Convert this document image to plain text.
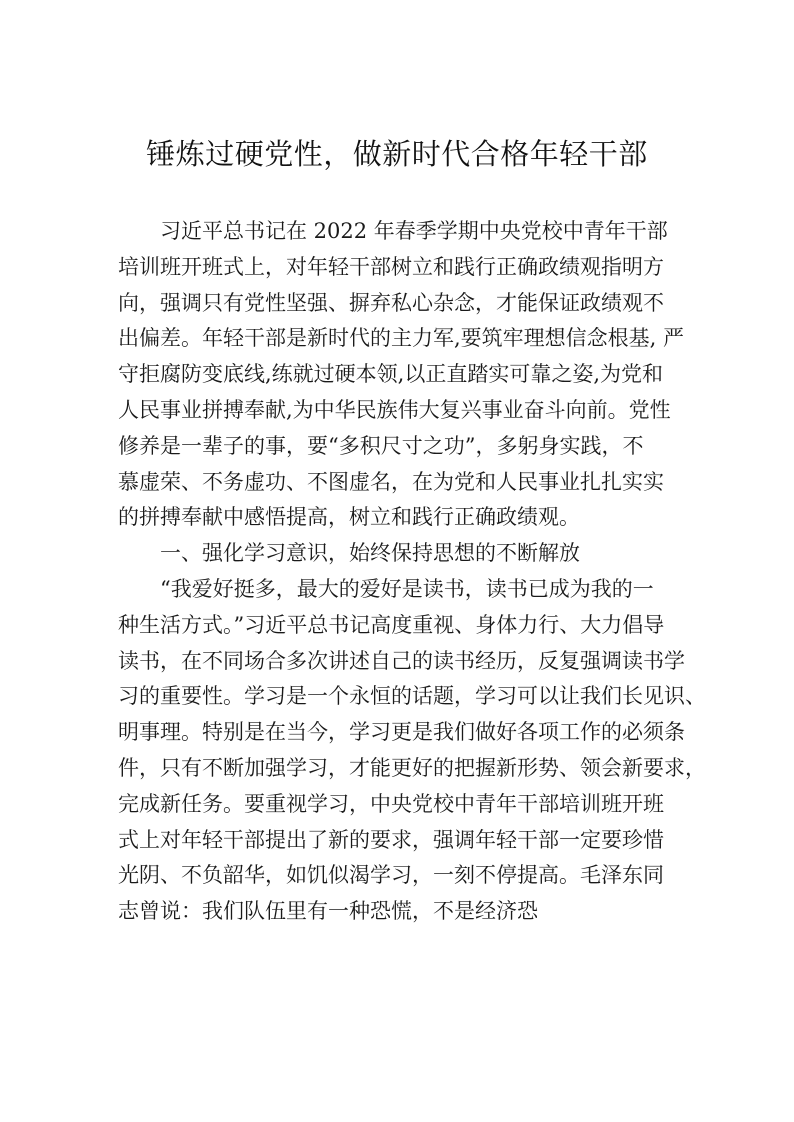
锤炼过硬党性，做新时代合格年轻干部
习近平总书记在 2022 年春季学期中央党校中青年干部
培训班开班式上，对年轻干部树立和践行正确政绩观指明方
向，强调只有党性坚强、摒弃私心杂念，才能保证政绩观不
出偏差。年轻干部是新时代的主力军,要筑牢理想信念根基, 严
守拒腐防变底线,练就过硬本领,以正直踏实可靠之姿,为党和
人民事业拼搏奉献,为中华民族伟大复兴事业奋斗向前。党性
修养是一辈子的事，要“多积尺寸之功”，多躬身实践，不
慕虚荣、不务虚功、不图虚名，在为党和人民事业扎扎实实
的拼搏奉献中感悟提高，树立和践行正确政绩观。
一、强化学习意识，始终保持思想的不断解放
“我爱好挺多，最大的爱好是读书，读书已成为我的一
种生活方式。”习近平总书记高度重视、身体力行、大力倡导
读书，在不同场合多次讲述自己的读书经历，反复强调读书学
习的重要性。学习是一个永恒的话题，学习可以让我们长见识、
明事理。特别是在当今，学习更是我们做好各项工作的必须条
件，只有不断加强学习，才能更好的把握新形势、领会新要求，
完成新任务。要重视学习，中央党校中青年干部培训班开班
式上对年轻干部提出了新的要求，强调年轻干部一定要珍惜
光阴、不负韶华，如饥似渴学习，一刻不停提高。毛泽东同
志曾说：我们队伍里有一种恐慌，不是经济恐
